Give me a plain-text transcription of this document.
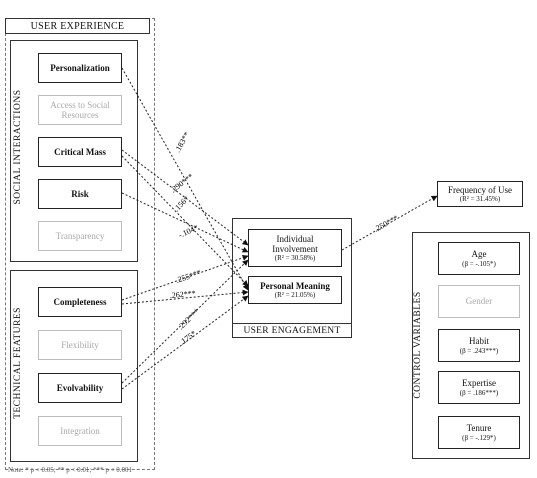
USER EXPERIENCE
SOCIAL INTERACTIONS
TECHNICAL FEATURES
Personalization
Access to Social Resources
Critical Mass
Risk
Transparency
Completeness
Flexibility
Evolvability
Integration
Individual
Involvement
(R² = 30.58%)
Personal Meaning
(R² = 21.05%)
USER ENGAGEMENT
Frequency of Use
(R² = 31.45%)
CONTROL VARIABLES
Age
(β = -.105*)
Gender
Habit
(β = .243***)
Expertise
(β = .186***)
Tenure
(β = -.129*)
.183**
.290***
.156*
-.104*
.255***
.262***
.292***
.175*
.250***
Note: * p < 0.05; ** p < 0.01; *** p < 0.001
